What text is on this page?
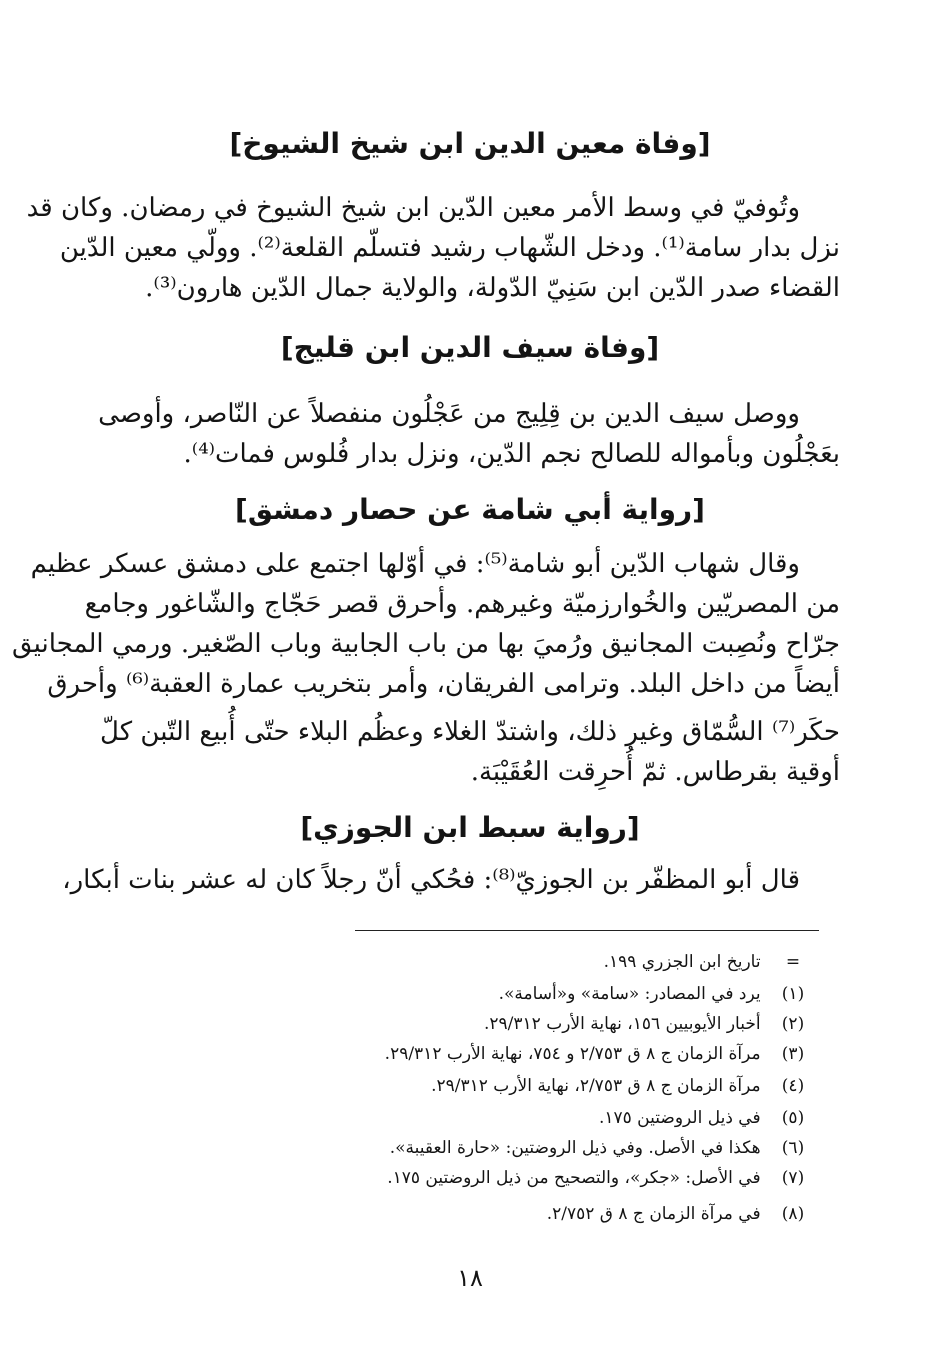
[وفاة معين الدين ابن شيخ الشيوخ]
وتُوفيّ في وسط الأمر معين الدّين ابن شيخ الشيوخ في رمضان. وكان قد
نزل بدار سامة⁽¹⁾. ودخل الشّهاب رشيد فتسلّم القلعة⁽²⁾. وولّي معين الدّين
القضاء صدر الدّين ابن سَنِيّ الدّولة، والولاية جمال الدّين هارون⁽³⁾.
[وفاة سيف الدين ابن قليج]
ووصل سيف الدين بن قِلِيج من عَجْلُون منفصلاً عن النّاصر، وأوصى
بعَجْلُون وبأمواله للصالح نجم الدّين، ونزل بدار فُلوس فمات⁽⁴⁾.
[رواية أبي شامة عن حصار دمشق]
وقال شهاب الدّين أبو شامة⁽⁵⁾: في أوّلها اجتمع على دمشق عسكر عظيم
من المصريّين والخُوارزميّة وغيرهم. وأحرق قصر حَجّاج والشّاغور وجامع
جرّاح ونُصِبت المجانيق ورُميَ بها من باب الجابية وباب الصّغير. ورمي المجانيق
أيضاً من داخل البلد. وترامى الفريقان، وأمر بتخريب عمارة العقبة⁽⁶⁾ وأحرق
حكَر⁽⁷⁾ السُّمّاق وغير ذلك، واشتدّ الغلاء وعظُم البلاء حتّى أُبيع التّبن كلّ
أوقية بقرطاس. ثمّ أُحرِقت العُقَيْبَة.
[رواية سبط ابن الجوزي]
قال أبو المظفّر بن الجوزيّ⁽⁸⁾: فحُكي أنّ رجلاً كان له عشر بنات أبكار،
= تاريخ ابن الجزري ١٩٩.
(١) يرد في المصادر: «سامة» و«أسامة».
(٢) أخبار الأيوبيين ١٥٦، نهاية الأرب ٢٩/٣١٢.
(٣) مرآة الزمان ج ٨ ق ٢/٧٥٣ و ٧٥٤، نهاية الأرب ٢٩/٣١٢.
(٤) مرآة الزمان ج ٨ ق ٢/٧٥٣، نهاية الأرب ٢٩/٣١٢.
(٥) في ذيل الروضتين ١٧٥.
(٦) هكذا في الأصل. وفي ذيل الروضتين: «حارة العقيبة».
(٧) في الأصل: «جكر»، والتصحيح من ذيل الروضتين ١٧٥.
(٨) في مرآة الزمان ج ٨ ق ٢/٧٥٢.
١٨
